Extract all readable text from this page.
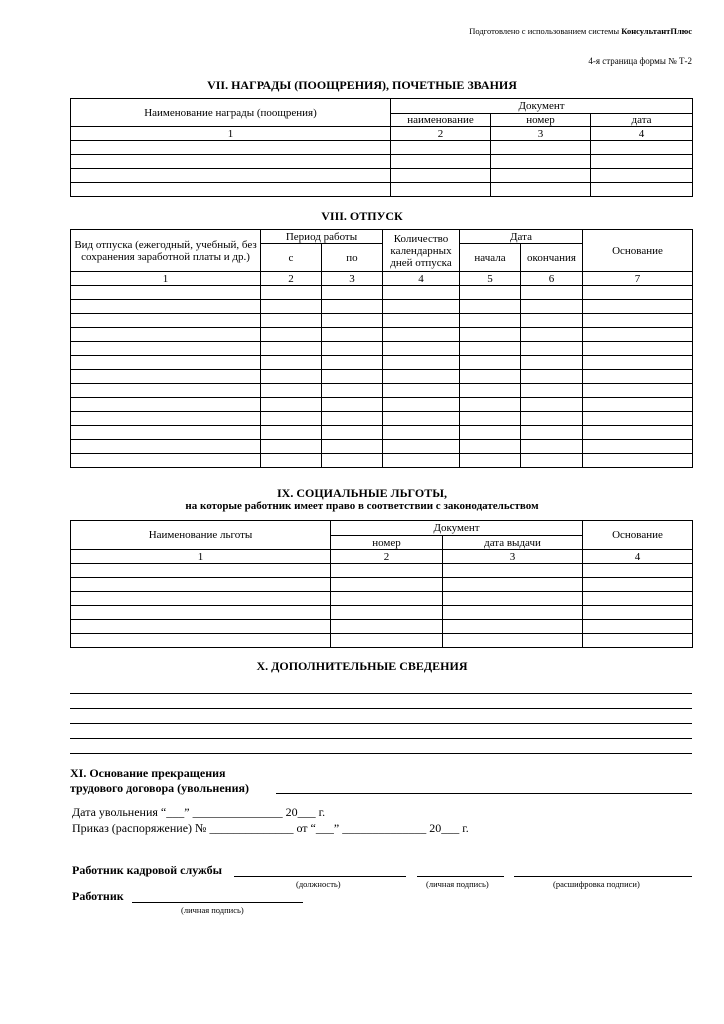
Подготовлено с использованием системы КонсультантПлюс
4-я страница формы № Т-2
VII. НАГРАДЫ (ПООЩРЕНИЯ), ПОЧЕТНЫЕ ЗВАНИЯ
Наименование награды (поощрения)	Документ		
	наименование	номер	дата
1	2	3	4

VIII. ОТПУСК
Вид отпуска (ежегодный, учебный, без сохранения заработной платы и др.)	Период работы		Количество календарных дней отпуска	Дата		Основание
	с	по		начала	окончания	
1	2	3	4	5	6	7

IX. СОЦИАЛЬНЫЕ ЛЬГОТЫ,
на которые работник имеет право в соответствии с законодательством
Наименование льготы	Документ		Основание
	номер	дата выдачи	
1	2	3	4

X. ДОПОЛНИТЕЛЬНЫЕ СВЕДЕНИЯ
XI. Основание прекращения
трудового договора (увольнения)
Дата увольнения “___” _______________ 20___ г.
Приказ (распоряжение) № ______________ от “___” ______________ 20___ г.
Работник кадровой службы
(должность)	(личная подпись)	(расшифровка подписи)
Работник
(личная подпись)
